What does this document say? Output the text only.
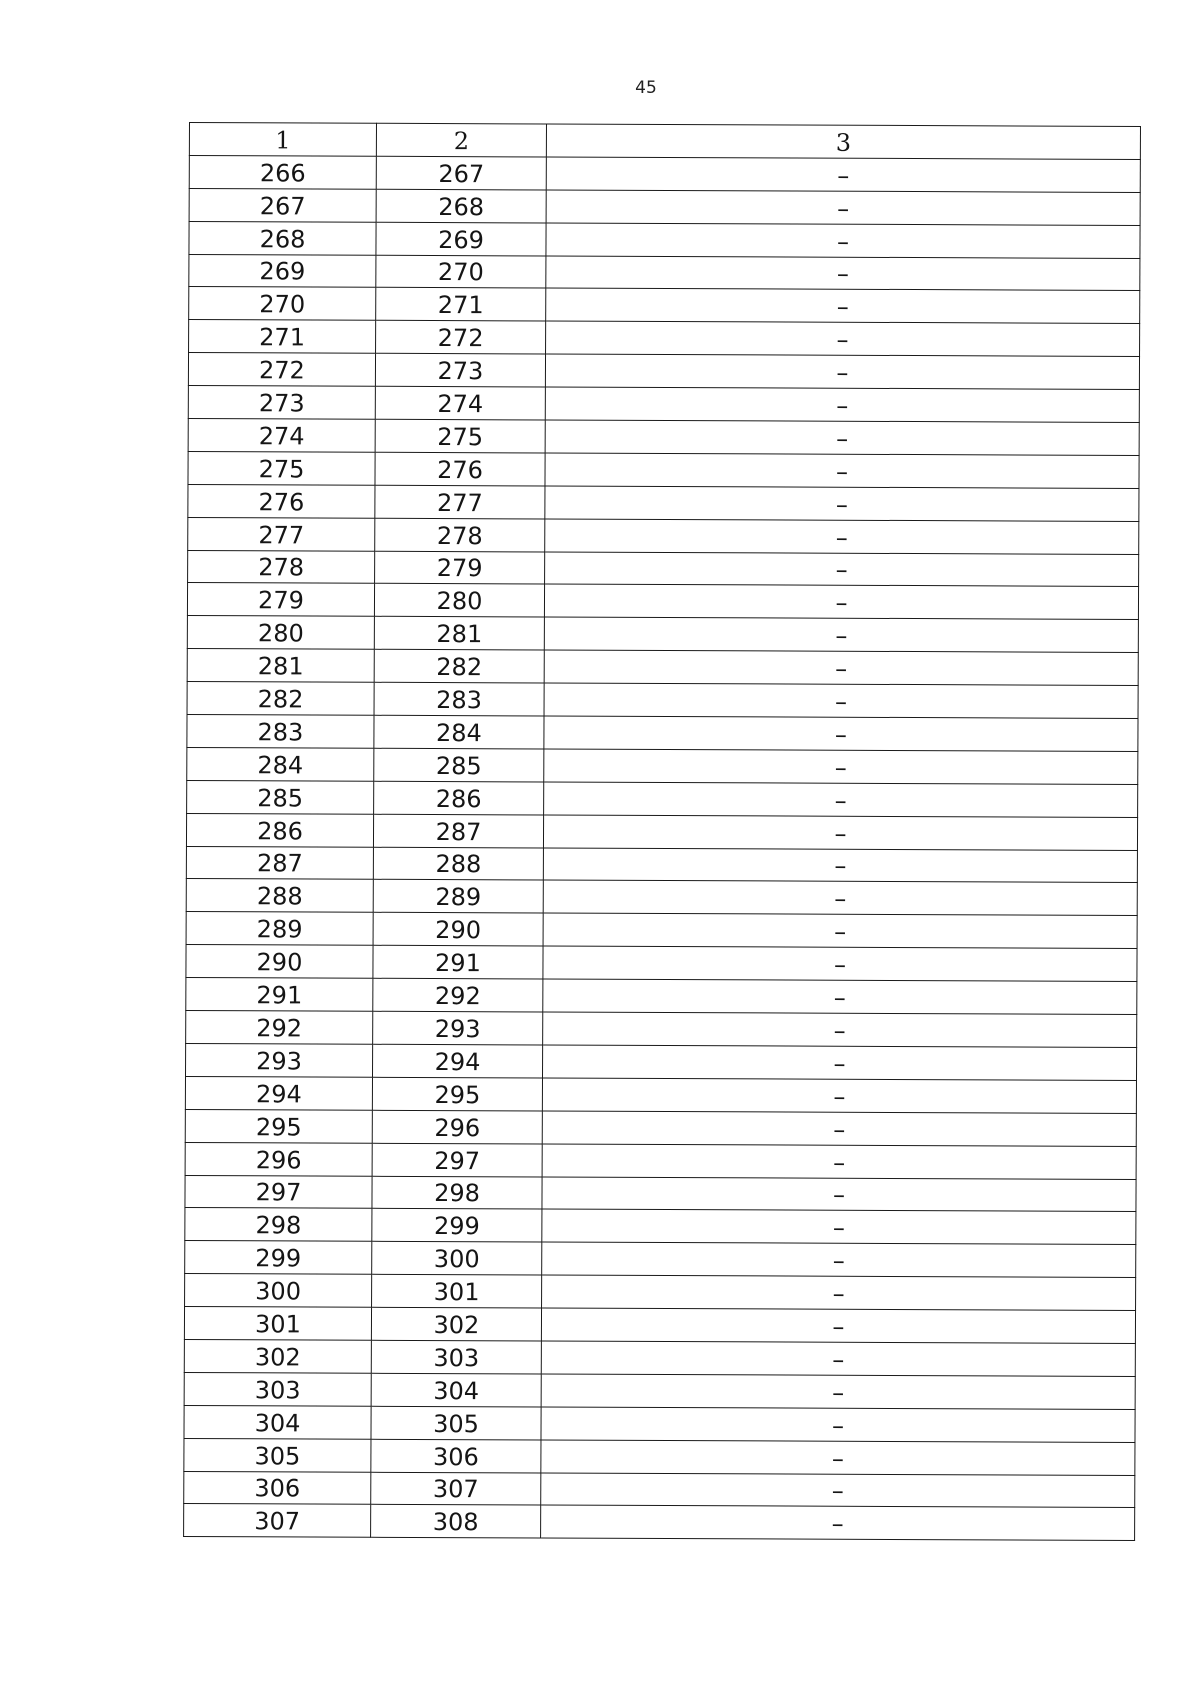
45
1	2	3
266	267	–
267	268	–
268	269	–
269	270	–
270	271	–
271	272	–
272	273	–
273	274	–
274	275	–
275	276	–
276	277	–
277	278	–
278	279	–
279	280	–
280	281	–
281	282	–
282	283	–
283	284	–
284	285	–
285	286	–
286	287	–
287	288	–
288	289	–
289	290	–
290	291	–
291	292	–
292	293	–
293	294	–
294	295	–
295	296	–
296	297	–
297	298	–
298	299	–
299	300	–
300	301	–
301	302	–
302	303	–
303	304	–
304	305	–
305	306	–
306	307	–
307	308	–
